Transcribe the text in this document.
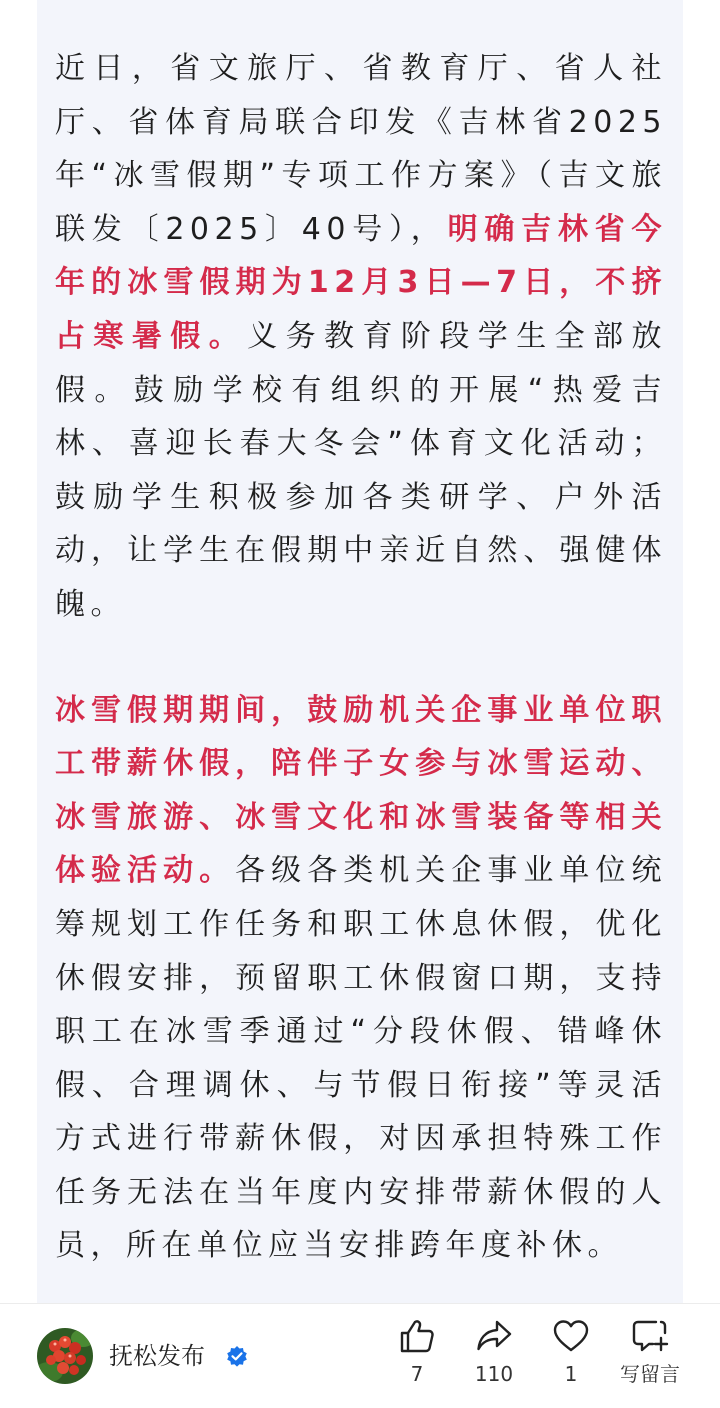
近日，省文旅厅、省教育厅、省人社厅、省体育局联合印发《吉林省2025年“冰雪假期”专项工作方案》（吉文旅联发〔2025〕40号），明确吉林省今年的冰雪假期为12月3日—7日，不挤占寒暑假。义务教育阶段学生全部放假。鼓励学校有组织的开展“热爱吉林、喜迎长春大冬会”体育文化活动；鼓励学生积极参加各类研学、户外活动，让学生在假期中亲近自然、强健体魄。

冰雪假期期间，鼓励机关企事业单位职工带薪休假，陪伴子女参与冰雪运动、冰雪旅游、冰雪文化和冰雪装备等相关体验活动。各级各类机关企事业单位统筹规划工作任务和职工休息休假，优化休假安排，预留职工休假窗口期，支持职工在冰雪季通过“分段休假、错峰休假、合理调休、与节假日衔接”等灵活方式进行带薪休假，对因承担特殊工作任务无法在当年度内安排带薪休假的人员，所在单位应当安排跨年度补休。

抚松发布
7	110	1	写留言
